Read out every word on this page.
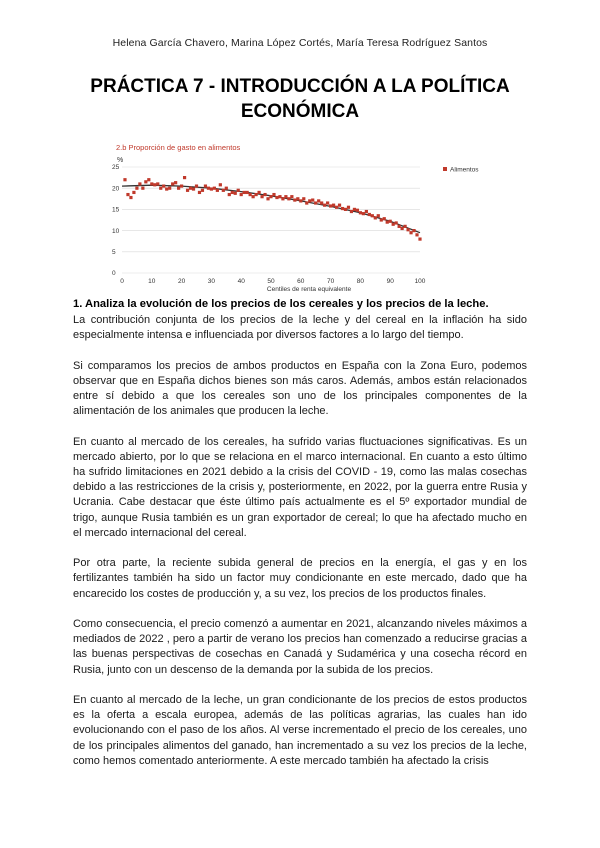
Helena García Chavero, Marina López Cortés, María Teresa Rodríguez Santos
PRÁCTICA 7 - INTRODUCCIÓN A LA POLÍTICA ECONÓMICA
2.b Proporción de gasto en alimentos
%
0
5
10
15
20
25
0	10	20	30	40	50	60	70	80	90	100
Alimentos
Centiles de renta equivalente
1. Analiza la evolución de los precios de los cereales y los precios de la leche.

La contribución conjunta de los precios de la leche y del cereal en la inflación ha sido especialmente intensa e influenciada por diversos factores a lo largo del tiempo.

Si comparamos los precios de ambos productos en España con la Zona Euro, podemos observar que en España dichos bienes son más caros. Además, ambos están relacionados entre sí debido a que los cereales son uno de los principales componentes de la alimentación de los animales que producen la leche.

En cuanto al mercado de los cereales, ha sufrido varias fluctuaciones significativas. Es un mercado abierto, por lo que se relaciona en el marco internacional. En cuanto a esto último ha sufrido limitaciones en 2021 debido a la crisis del COVID - 19, como las malas cosechas debido a las restricciones de la crisis y, posteriormente, en 2022, por la guerra entre Rusia y Ucrania. Cabe destacar que éste último país actualmente es el 5º exportador mundial de trigo, aunque Rusia también es un gran exportador de cereal; lo que ha afectado mucho en el mercado internacional del cereal.

Por otra parte, la reciente subida general de precios en la energía, el gas y en los fertilizantes también ha sido un factor muy condicionante en este mercado, dado que ha encarecido los costes de producción y, a su vez, los precios de los productos finales.

Como consecuencia, el precio comenzó a aumentar en 2021, alcanzando niveles máximos a mediados de 2022 , pero a partir de verano los precios han comenzado a reducirse gracias a las buenas perspectivas de cosechas en Canadá y Sudamérica y una cosecha récord en Rusia, junto con un descenso de la demanda por la subida de los precios.

En cuanto al mercado de la leche, un gran condicionante de los precios de estos productos es la oferta a escala europea, además de las políticas agrarias, las cuales han ido evolucionando con el paso de los años. Al verse incrementado el precio de los cereales, uno de los principales alimentos del ganado, han incrementado a su vez los precios de la leche, como hemos comentado anteriormente. A este mercado también ha afectado la crisis
